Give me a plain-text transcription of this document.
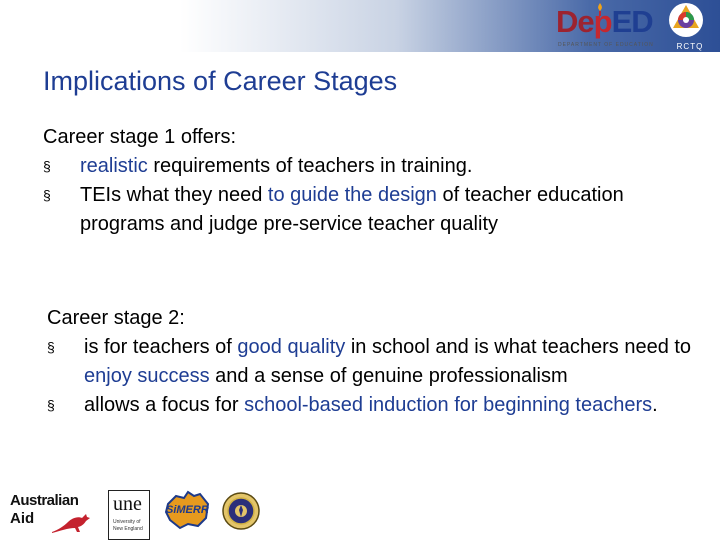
DepED
DEPARTMENT OF EDUCATION	RCTQ
Implications of Career Stages
Career stage 1 offers:
§	realistic requirements of teachers in training.
§	TEIs what they need to guide the design of teacher education programs and judge pre-service teacher quality
Career stage 2:
§	is for teachers of good quality in school and is what teachers need to enjoy success and a sense of genuine professionalism
§	allows a focus for school-based induction for beginning teachers.
Australian
Aid
une
University of
New England
SiMERR
